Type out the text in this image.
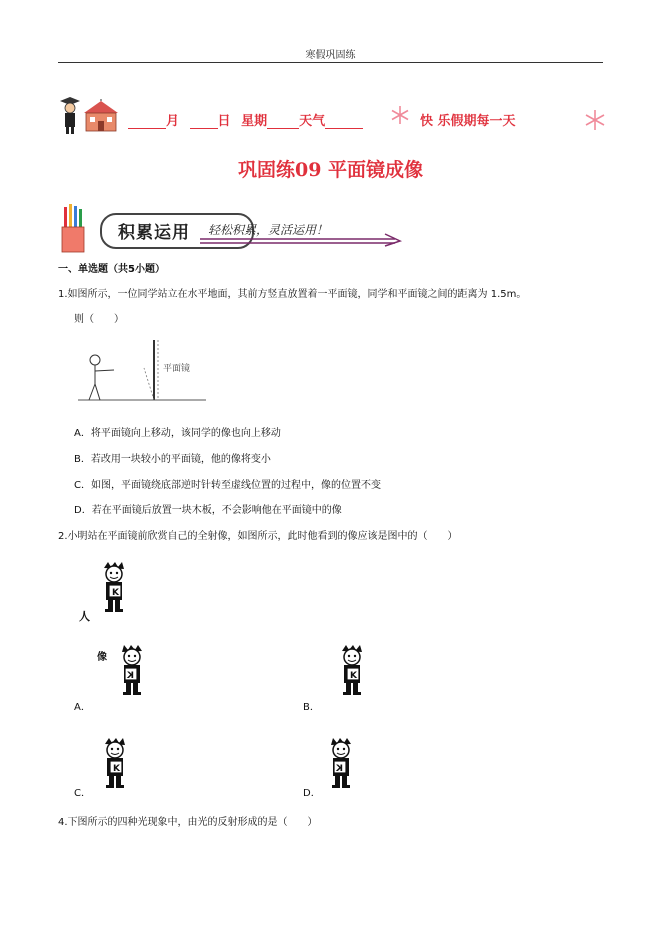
寒假巩固练
月	日 星期 天气	快 乐假期每一天
巩固练09 平面镜成像
积累运用 轻松积累，灵活运用！
一、单选题（共5小题）
1.如图所示，一位同学站立在水平地面，其前方竖直放置着一平面镜，同学和平面镜之间的距离为 1.5m。
则（　　）
平面镜
A．将平面镜向上移动，该同学的像也向上移动
B．若改用一块较小的平面镜，他的像将变小
C．如图，平面镜绕底部逆时针转至虚线位置的过程中，像的位置不变
D．若在平面镜后放置一块木板，不会影响他在平面镜中的像
2.小明站在平面镜前欣赏自己的全射像，如图所示，此时他看到的像应该是图中的（　　）
人
像
A．	B．
C．	D．
4.下图所示的四种光现象中，由光的反射形成的是（　　）
